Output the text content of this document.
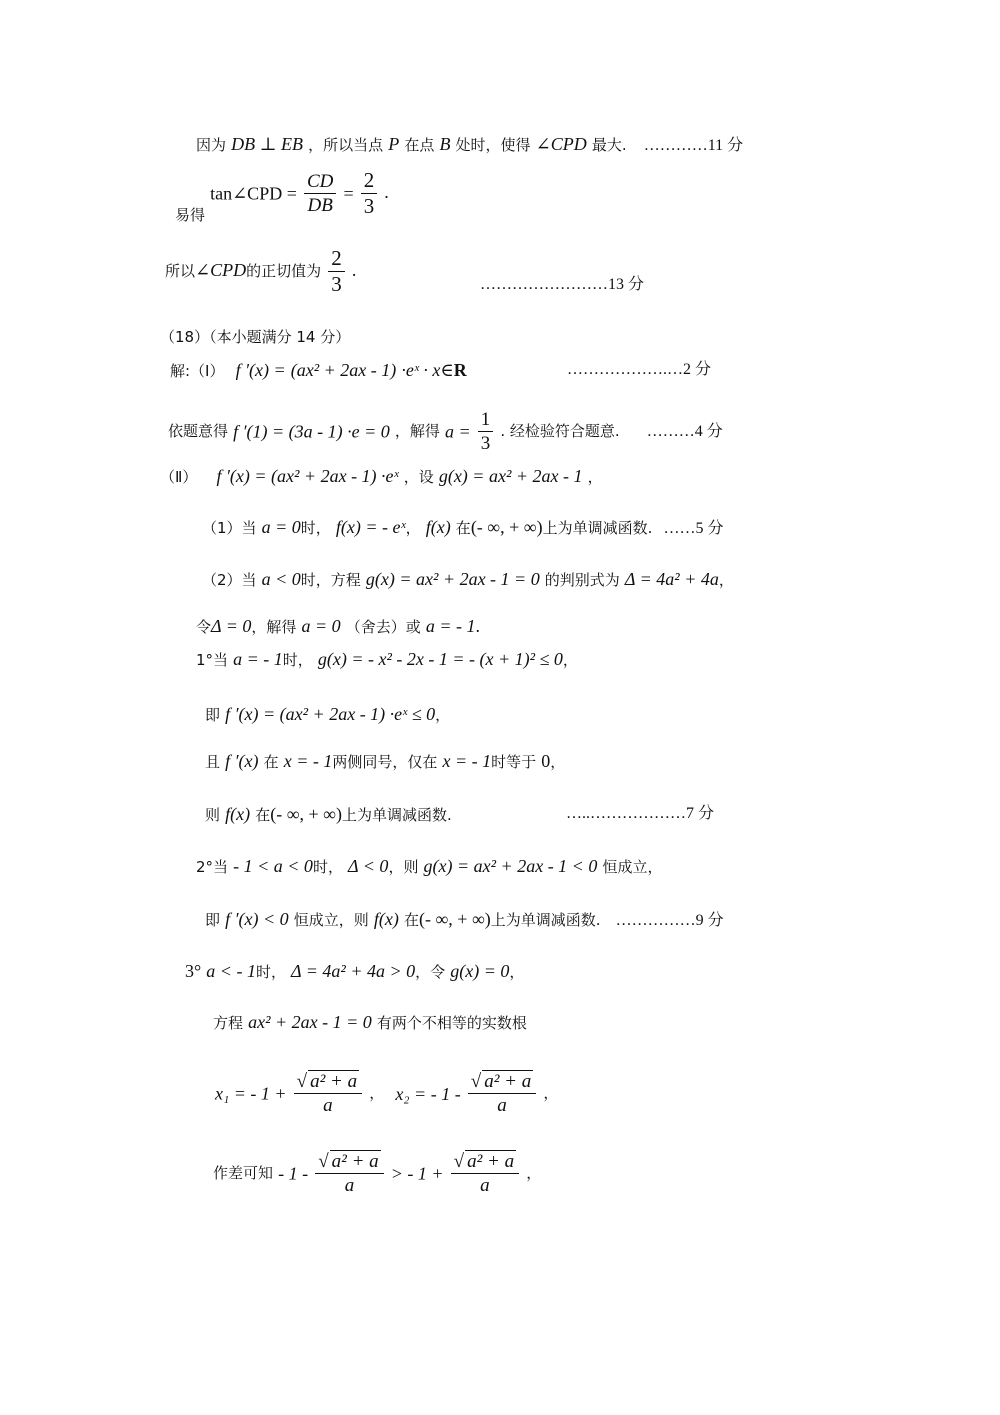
因为 DB ⊥ EB ，所以当点 P 在点 B 处时，使得 ∠CPD 最大. …………11 分
易得 tan∠CPD = $\frac{CD}{DB} = \frac{2}{3}$ .
所以∠CPD的正切值为 $\frac{2}{3}$ .
……………………13 分
（18）（本小题满分 14 分）
解:（Ⅰ） f ′(x) = (ax² + 2ax - 1) ·eˣ · x∈R	……………….…2 分
依题意得 f ′(1) = (3a - 1) ·e = 0 ，解得 $a = \frac{1}{3}$ . 经检验符合题意. ………4 分
（Ⅱ） f ′(x) = (ax² + 2ax - 1) ·eˣ ，设 g(x) = ax² + 2ax - 1 ，
（1）当 a = 0时， f(x) = - eˣ， f(x) 在(- ∞, + ∞)上为单调减函数. ……5 分
（2）当 a < 0时，方程 g(x) = ax² + 2ax - 1 = 0 的判别式为 Δ = 4a² + 4a，
令Δ = 0，解得 a = 0 （舍去）或 a = - 1.
1°当 a = - 1时， g(x) = - x² - 2x - 1 = - (x + 1)² ≤ 0，
即 f ′(x) = (ax² + 2ax - 1) ·eˣ ≤ 0，
且 f ′(x) 在 x = - 1两侧同号，仅在 x = - 1时等于 0，
则 f(x) 在(- ∞, + ∞)上为单调减函数.	…..………………7 分
2°当 - 1 < a < 0时， Δ < 0，则 g(x) = ax² + 2ax - 1 < 0 恒成立，
即 f ′(x) < 0 恒成立，则 f(x) 在(- ∞, + ∞)上为单调减函数. ……………9 分
3° a < - 1时， Δ = 4a² + 4a > 0，令 g(x) = 0，
方程 ax² + 2ax - 1 = 0 有两个不相等的实数根
x₁ = - $1 + \frac{\text{√ a² + a}}{a}$ ， x₂ = - $1 - \frac{\text{√ a² + a}}{a}$ ，
作差可知 - $1 - \frac{\text{√ a² + a}}{a}$ > - $1 + \frac{\text{√ a² + a}}{a}$ ，
